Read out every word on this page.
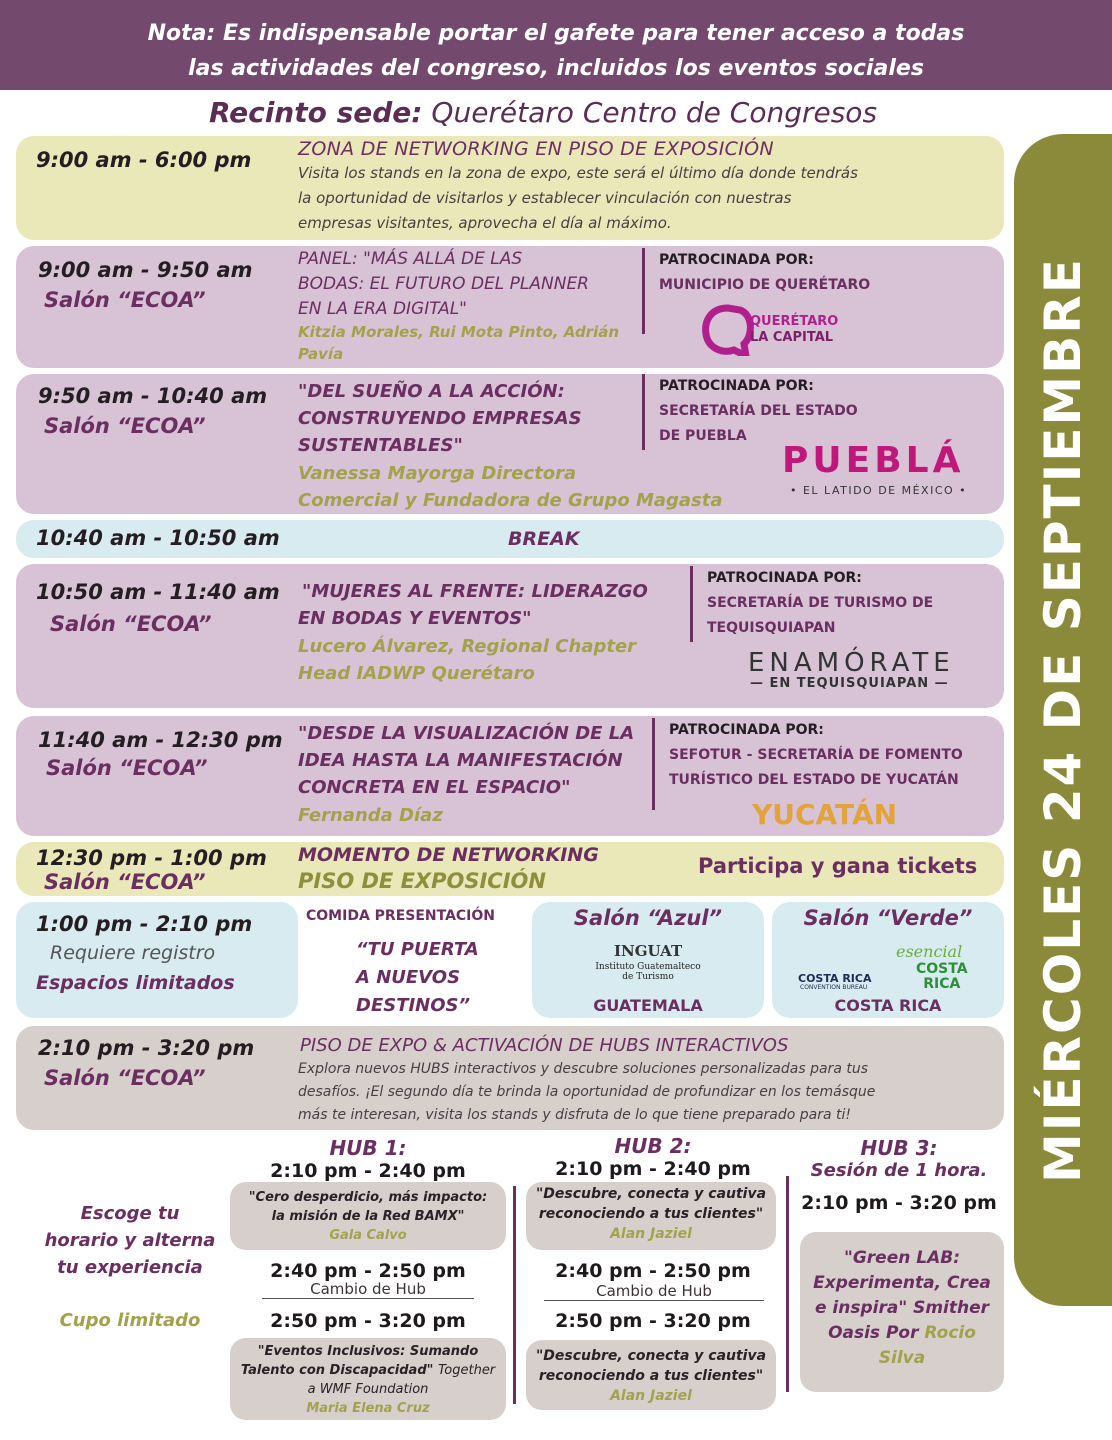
Nota: Es indispensable portar el gafete para tener acceso a todas
las actividades del congreso, incluidos los eventos sociales
Recinto sede: Querétaro Centro de Congresos
MIÉRCOLES 24 DE SEPTIEMBRE
9:00 am - 6:00 pm ZONA DE NETWORKING EN PISO DE EXPOSICIÓN
Visita los stands en la zona de expo, este será el último día donde tendrás
la oportunidad de visitarlos y establecer vinculación con nuestras
empresas visitantes, aprovecha el día al máximo.
9:00 am - 9:50 am
Salón “ECOA”
PANEL: "MÁS ALLÁ DE LAS
BODAS: EL FUTURO DEL PLANNER
EN LA ERA DIGITAL"
Kitzia Morales, Rui Mota Pinto, Adrián
Pavía
PATROCINADA POR:
MUNICIPIO DE QUERÉTARO
QUERÉTARO
LA CAPITAL
9:50 am - 10:40 am
Salón “ECOA”
"DEL SUEÑO A LA ACCIÓN:
CONSTRUYENDO EMPRESAS
SUSTENTABLES"
Vanessa Mayorga Directora
Comercial y Fundadora de Grupo Magasta
PATROCINADA POR:
SECRETARÍA DEL ESTADO
DE PUEBLA
PUEBLÁ
• EL LATIDO DE MÉXICO •
10:40 am - 10:50 am	BREAK
10:50 am - 11:40 am
Salón “ECOA”
"MUJERES AL FRENTE: LIDERAZGO
EN BODAS Y EVENTOS"
Lucero Álvarez, Regional Chapter
Head IADWP Querétaro
PATROCINADA POR:
SECRETARÍA DE TURISMO DE
TEQUISQUIAPAN
ENAMÓRATE
— EN TEQUISQUIAPAN —
11:40 am - 12:30 pm
Salón “ECOA”
"DESDE LA VISUALIZACIÓN DE LA
IDEA HASTA LA MANIFESTACIÓN
CONCRETA EN EL ESPACIO"
Fernanda Díaz
PATROCINADA POR:
SEFOTUR - SECRETARÍA DE FOMENTO
TURÍSTICO DEL ESTADO DE YUCATÁN
YUCATÁN
12:30 pm - 1:00 pm
Salón “ECOA”
MOMENTO DE NETWORKING
PISO DE EXPOSICIÓN
Participa y gana tickets
1:00 pm - 2:10 pm
Requiere registro
Espacios limitados
COMIDA PRESENTACIÓN
“TU PUERTA
A NUEVOS
DESTINOS”
Salón “Azul”
INGUAT
Instituto Guatemalteco
de Turismo
GUATEMALA
Salón “Verde”
COSTA RICA
CONVENTION BUREAU
esencial
COSTA
RICA
COSTA RICA
2:10 pm - 3:20 pm
Salón “ECOA”
PISO DE EXPO & ACTIVACIÓN DE HUBS INTERACTIVOS
Explora nuevos HUBS interactivos y descubre soluciones personalizadas para tus
desafíos. ¡El segundo día te brinda la oportunidad de profundizar en los temásque
más te interesan, visita los stands y disfruta de lo que tiene preparado para ti!
Escoge tu
horario y alterna
tu experiencia
Cupo limitado
HUB 1:
2:10 pm - 2:40 pm
"Cero desperdicio, más impacto:
la misión de la Red BAMX"
Gala Calvo
2:40 pm - 2:50 pm
Cambio de Hub
2:50 pm - 3:20 pm
"Eventos Inclusivos: Sumando
Talento con Discapacidad" Together
a WMF Foundation
Maria Elena Cruz
HUB 2:
2:10 pm - 2:40 pm
"Descubre, conecta y cautiva
reconociendo a tus clientes"
Alan Jaziel
2:40 pm - 2:50 pm
Cambio de Hub
2:50 pm - 3:20 pm
"Descubre, conecta y cautiva
reconociendo a tus clientes"
Alan Jaziel
HUB 3:
Sesión de 1 hora.
2:10 pm - 3:20 pm
"Green LAB:
Experimenta, Crea
e inspira" Smither
Oasis Por Rocio
Silva
